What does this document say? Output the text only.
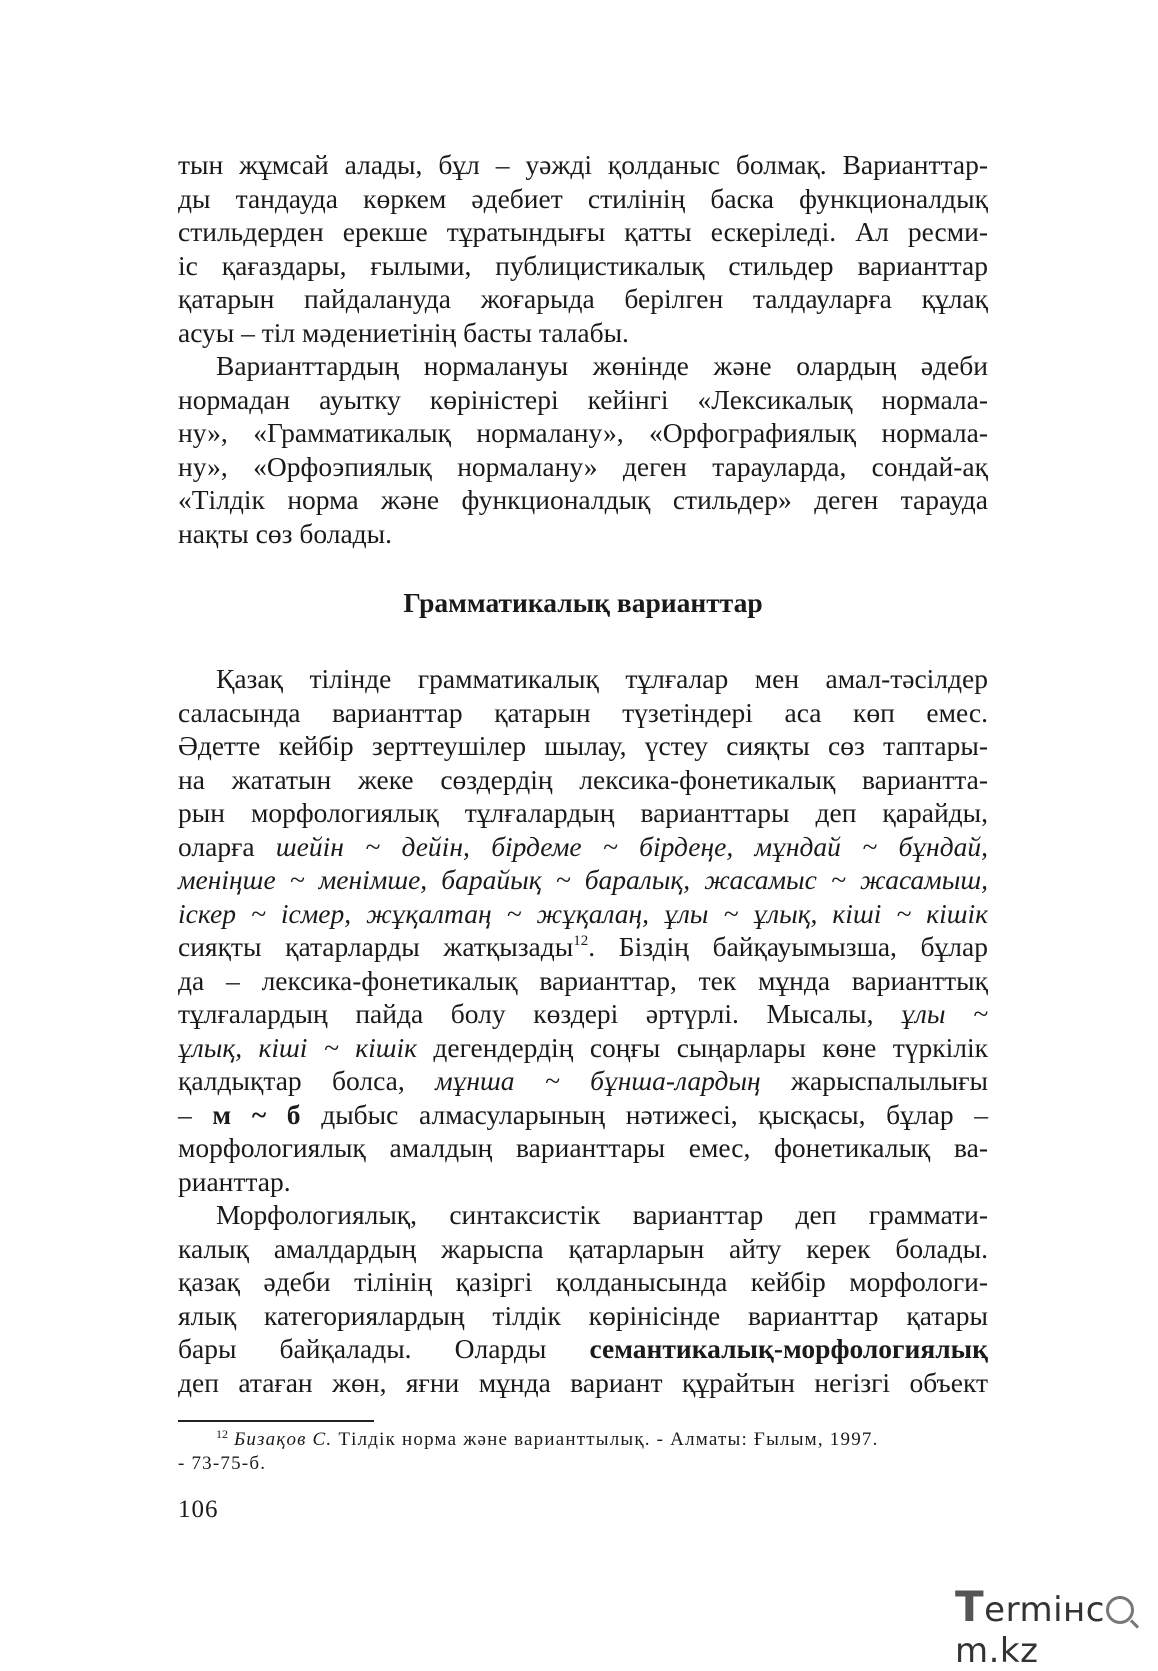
тын жұмсай алады, бұл – уәжді қолданыс болмақ. Варианттар-
ды тандауда көркем әдебиет стилінің баска функционалдық
стильдерден ерекше тұратындығы қатты ескеріледі. Ал ресми-
іс қағаздары, ғылыми, публицистикалық стильдер варианттар
қатарын пайдалануда жоғарыда берілген талдауларға құлақ
асуы – тіл мәдениетінің басты талабы.
Варианттардың нормалануы жөнінде және олардың әдеби
нормадан ауытку көріністері кейінгі «Лексикалық нормала-
ну», «Грамматикалық нормалану», «Орфографиялық нормала-
ну», «Орфоэпиялық нормалану» деген тарауларда, сондай-ақ
«Тілдік норма және функционалдық стильдер» деген тарауда
нақты сөз болады.
Грамматикалық варианттар
Қазақ тілінде грамматикалық тұлғалар мен амал-тәсілдер
саласында варианттар қатарын түзетіндері аса көп емес.
Әдетте кейбір зерттеушілер шылау, үстеу сияқты сөз таптары-
на жататын жеке сөздердің лексика-фонетикалық вариантта-
рын морфологиялық тұлғалардың варианттары деп қарайды,
оларға шейін ~ дейін, бірдеме ~ бірдеңе, мұндай ~ бұндай,
меніңше ~ менімше, барайық ~ баралық, жасамыс ~ жасамыш,
іскер ~ ісмер, жұқалтаң ~ жұқалаң, ұлы ~ ұлық, кіші ~ кішік
сияқты қатарларды жатқызады$^{12}$. Біздің байқауымызша, бұлар
да – лексика-фонетикалық варианттар, тек мұнда варианттық
тұлғалардың пайда болу көздері әртүрлі. Мысалы, ұлы ~
ұлық, кіші ~ кішік дегендердің соңғы сыңарлары көне түркілік
қалдықтар болса, мұнша ~ бұнша-лардың жарыспалылығы
– м ~ б дыбыс алмасуларының нәтижесі, қысқасы, бұлар –
морфологиялық амалдың варианттары емес, фонетикалық ва-
рианттар.
Морфологиялық, синтаксистік варианттар деп граммати-
калық амалдардың жарыспа қатарларын айту керек болады.
қазақ әдеби тілінің қазіргі қолданысында кейбір морфологи-
ялық категориялардың тілдік көрінісінде варианттар қатары
бары байқалады. Оларды семантикалық-морфологиялық
деп атаған жөн, яғни мұнда вариант құрайтын негізгі объект
$^{12}$ Бизақов С. Тілдік норма және варианттылық. - Алматы: Ғылым, 1997.
- 73-75-б.
106
Termінcm.kz
